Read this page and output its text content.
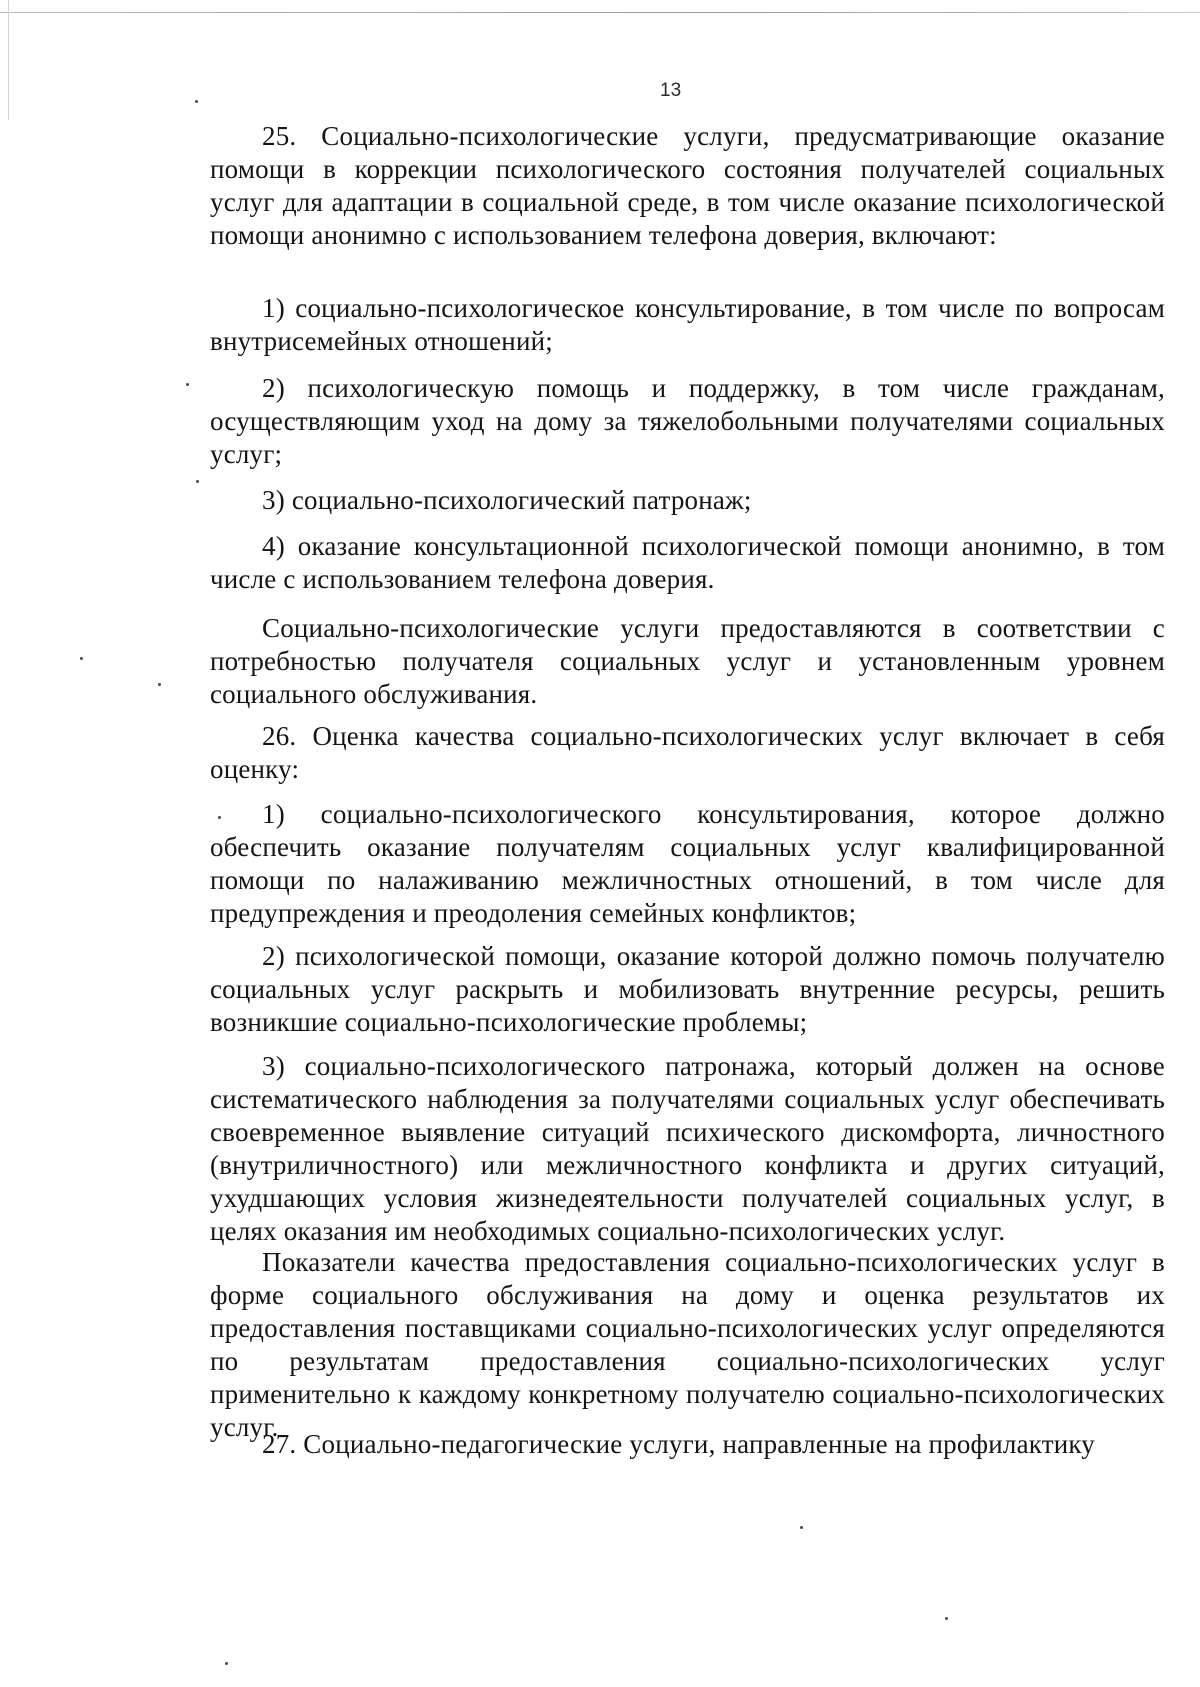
13

25. Социально-психологические услуги, предусматривающие оказание помощи в коррекции психологического состояния получателей социальных услуг для адаптации в социальной среде, в том числе оказание психологической помощи анонимно с использованием телефона доверия, включают:

1) социально-психологическое консультирование, в том числе по вопросам внутрисемейных отношений;

2) психологическую помощь и поддержку, в том числе гражданам, осуществляющим уход на дому за тяжелобольными получателями социальных услуг;

3) социально-психологический патронаж;

4) оказание консультационной психологической помощи анонимно, в том числе с использованием телефона доверия.

Социально-психологические услуги предоставляются в соответствии с потребностью получателя социальных услуг и установленным уровнем социального обслуживания.

26. Оценка качества социально-психологических услуг включает в себя оценку:

1) социально-психологического консультирования, которое должно обеспечить оказание получателям социальных услуг квалифицированной помощи по налаживанию межличностных отношений, в том числе для предупреждения и преодоления семейных конфликтов;

2) психологической помощи, оказание которой должно помочь получателю социальных услуг раскрыть и мобилизовать внутренние ресурсы, решить возникшие социально-психологические проблемы;

3) социально-психологического патронажа, который должен на основе систематического наблюдения за получателями социальных услуг обеспечивать своевременное выявление ситуаций психического дискомфорта, личностного (внутриличностного) или межличностного конфликта и других ситуаций, ухудшающих условия жизнедеятельности получателей социальных услуг, в целях оказания им необходимых социально-психологических услуг.

Показатели качества предоставления социально-психологических услуг в форме социального обслуживания на дому и оценка результатов их предоставления поставщиками социально-психологических услуг определяются по результатам предоставления социально-психологических услуг применительно к каждому конкретному получателю социально-психологических услуг.

27. Социально-педагогические услуги, направленные на профилактику
